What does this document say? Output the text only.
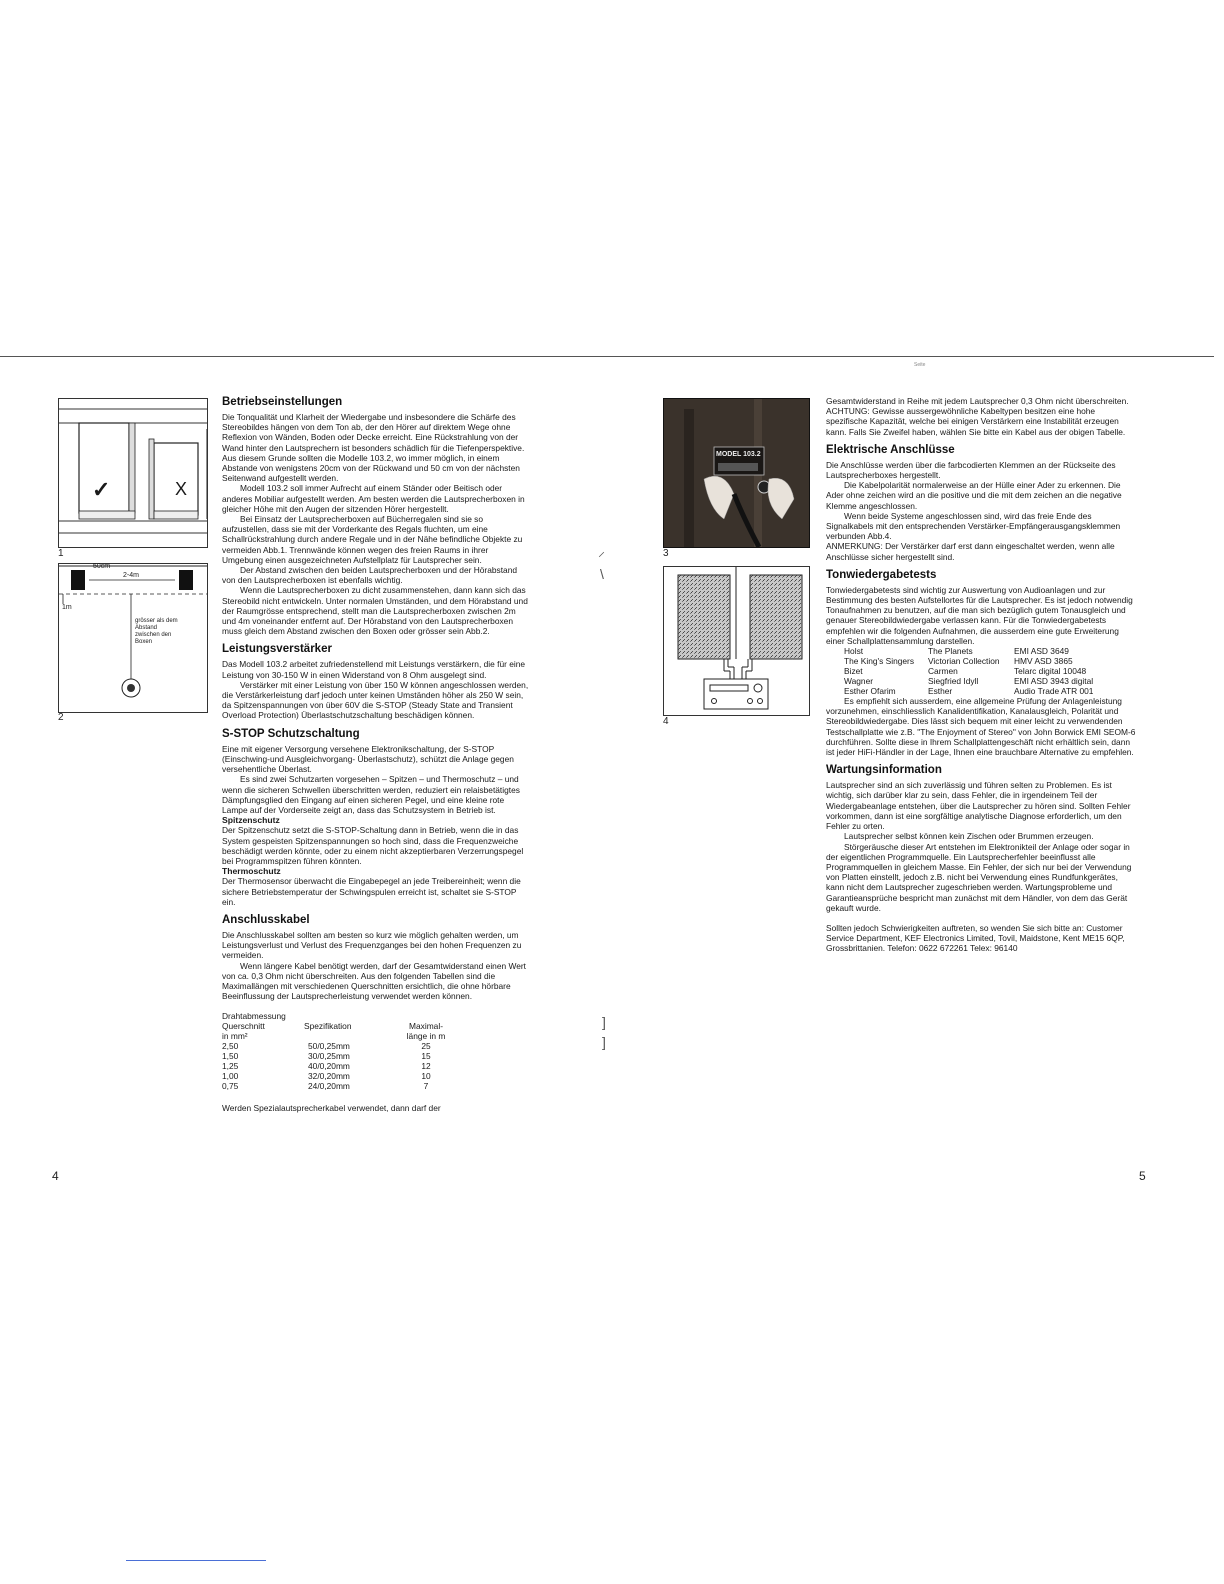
Seite
✓	X
1
50cm
2-4m
1m
grösser als dem Abstand zwischen den Boxen
2
Betriebseinstellungen

Die Tonqualität und Klarheit der Wiedergabe und insbesondere die Schärfe des Stereobildes hängen von dem Ton ab, der den Hörer auf direktem Wege ohne Reflexion von Wänden, Boden oder Decke erreicht. Eine Rückstrahlung von der Wand hinter den Lautsprechern ist besonders schädlich für die Tiefenperspektive. Aus diesem Grunde sollten die Modelle 103.2, wo immer möglich, in einem Abstande von wenigstens 20cm von der Rückwand und 50 cm von der nächsten Seitenwand aufgestellt werden.

Modell 103.2 soll immer Aufrecht auf einem Ständer oder Beitisch oder anderes Mobiliar aufgestellt werden. Am besten werden die Lautsprecherboxen in gleicher Höhe mit den Augen der sitzenden Hörer hergestellt.

Bei Einsatz der Lautsprecherboxen auf Bücherregalen sind sie so aufzustellen, dass sie mit der Vorderkante des Regals fluchten, um eine Schallrückstrahlung durch andere Regale und in der Nähe befindliche Objekte zu vermeiden Abb.1. Trennwände können wegen des freien Raums in ihrer Umgebung einen ausgezeichneten Aufstellplatz für Lautsprecher sein.

Der Abstand zwischen den beiden Lautsprecherboxen und der Hörabstand von den Lautsprecherboxen ist ebenfalls wichtig.

Wenn die Lautsprecherboxen zu dicht zusammenstehen, dann kann sich das Stereobild nicht entwickeln. Unter normalen Umständen, und dem Hörabstand und der Raumgrösse entsprechend, stellt man die Lautsprecherboxen zwischen 2m und 4m voneinander entfernt auf. Der Hörabstand von den Lautsprecherboxen muss gleich dem Abstand zwischen den Boxen oder grösser sein Abb.2.

Leistungsverstärker

Das Modell 103.2 arbeitet zufriedenstellend mit Leistungs verstärkern, die für eine Leistung von 30-150 W in einen Widerstand von 8 Ohm ausgelegt sind.

Verstärker mit einer Leistung von über 150 W können angeschlossen werden, die Verstärkerleistung darf jedoch unter keinen Umständen höher als 250 W sein, da Spitzenspannungen von über 60V die S-STOP (Steady State and Transient Overload Protection) Überlastschutzschaltung beschädigen können.

S-STOP Schutzschaltung

Eine mit eigener Versorgung versehene Elektronikschaltung, der S-STOP (Einschwing-und Ausgleichvorgang- Überlastschutz), schützt die Anlage gegen versehentliche Überlast.

Es sind zwei Schutzarten vorgesehen – Spitzen – und Thermoschutz – und wenn die sicheren Schwellen überschritten werden, reduziert ein relaisbetätigtes Dämpfungsglied den Eingang auf einen sicheren Pegel, und eine kleine rote Lampe auf der Vorderseite zeigt an, dass das Schutzsystem in Betrieb ist.

Spitzenschutz

Der Spitzenschutz setzt die S-STOP-Schaltung dann in Betrieb, wenn die in das System gespeisten Spitzenspannungen so hoch sind, dass die Frequenzweiche beschädigt werden könnte, oder zu einem nicht akzeptierbaren Verzerrungspegel bei Programmspitzen führen könnten.

Thermoschutz

Der Thermosensor überwacht die Eingabepegel an jede Treibereinheit; wenn die sichere Betriebstemperatur der Schwingspulen erreicht ist, schaltet sie S-STOP ein.

Anschlusskabel

Die Anschlusskabel sollten am besten so kurz wie möglich gehalten werden, um Leistungsverlust und Verlust des Frequenzganges bei den hohen Frequenzen zu vermeiden.

Wenn längere Kabel benötigt werden, darf der Gesamtwiderstand einen Wert von ca. 0,3 Ohm nicht überschreiten. Aus den folgenden Tabellen sind die Maximallängen mit verschiedenen Querschnitten ersichtlich, die ohne hörbare Beeinflussung der Lautsprecherleistung verwendet werden können.

Drahtabmessung
Querschnitt
in mm²	Spezifikation	Maximal-
länge in m
2,50	50/0,25mm	25
1,50	30/0,25mm	15
1,25	40/0,20mm	12
1,00	32/0,20mm	10
0,75	24/0,20mm	7

Werden Spezialautsprecherkabel verwendet, dann darf der

4
⸝
\
]
]
MODEL 103.2
3
4

Gesamtwiderstand in Reihe mit jedem Lautsprecher 0,3 Ohm nicht überschreiten.

ACHTUNG: Gewisse aussergewöhnliche Kabeltypen besitzen eine hohe spezifische Kapazität, welche bei einigen Verstärkern eine Instabilität erzeugen kann. Falls Sie Zweifel haben, wählen Sie bitte ein Kabel aus der obigen Tabelle.

Elektrische Anschlüsse

Die Anschlüsse werden über die farbcodierten Klemmen an der Rückseite des Lautsprecherboxes hergestellt.

Die Kabelpolarität normalerweise an der Hülle einer Ader zu erkennen. Die Ader ohne zeichen wird an die positive und die mit dem zeichen an die negative Klemme angeschlossen.

Wenn beide Systeme angeschlossen sind, wird das freie Ende des Signalkabels mit den entsprechenden Verstärker-Empfängerausgangsklemmen verbunden Abb.4.

ANMERKUNG: Der Verstärker darf erst dann eingeschaltet werden, wenn alle Anschlüsse sicher hergestellt sind.

Tonwiedergabetests

Tonwiedergabetests sind wichtig zur Auswertung von Audioanlagen und zur Bestimmung des besten Aufstellortes für die Lautsprecher. Es ist jedoch notwendig Tonaufnahmen zu benutzen, auf die man sich bezüglich gutem Tonausgleich und genauer Stereobildwiedergabe verlassen kann. Für die Tonwiedergabetests empfehlen wir die folgenden Aufnahmen, die ausserdem eine gute Erweiterung einer Schallplattensammlung darstellen.

Holst	The Planets	EMI ASD 3649
The King's Singers	Victorian Collection	HMV ASD 3865
Bizet	Carmen	Telarc digital 10048
Wagner	Siegfried Idyll	EMI ASD 3943 digital
Esther Ofarim	Esther	Audio Trade ATR 001

Es empfiehlt sich ausserdem, eine allgemeine Prüfung der Anlagenleistung vorzunehmen, einschliesslich Kanalidentifikation, Kanalausgleich, Polarität und Stereobildwiedergabe. Dies lässt sich bequem mit einer leicht zu verwendenden Testschallplatte wie z.B. "The Enjoyment of Stereo" von John Borwick EMI SEOM-6 durchführen. Sollte diese in Ihrem Schallplattengeschäft nicht erhältlich sein, dann ist jeder HiFi-Händler in der Lage, Ihnen eine brauchbare Alternative zu empfehlen.

Wartungsinformation

Lautsprecher sind an sich zuverlässig und führen selten zu Problemen. Es ist wichtig, sich darüber klar zu sein, dass Fehler, die in irgendeinem Teil der Wiedergabeanlage entstehen, über die Lautsprecher zu hören sind. Sollten Fehler vorkommen, dann ist eine sorgfältige analytische Diagnose erforderlich, um den Fehler zu orten.

Lautsprecher selbst können kein Zischen oder Brummen erzeugen.

Störgeräusche dieser Art entstehen im Elektronikteil der Anlage oder sogar in der eigentlichen Programmquelle. Ein Lautsprecherfehler beeinflusst alle Programmquellen in gleichem Masse. Ein Fehler, der sich nur bei der Verwendung von Platten einstellt, jedoch z.B. nicht bei Verwendung eines Rundfunkgerätes, kann nicht dem Lautsprecher zugeschrieben werden. Wartungsprobleme und Garantieansprüche bespricht man zunächst mit dem Händler, von dem das Gerät gekauft wurde.

Sollten jedoch Schwierigkeiten auftreten, so wenden Sie sich bitte an: Customer Service Department, KEF Electronics Limited, Tovil, Maidstone, Kent ME15 6QP, Grossbrittanien. Telefon: 0622 672261 Telex: 96140

5
